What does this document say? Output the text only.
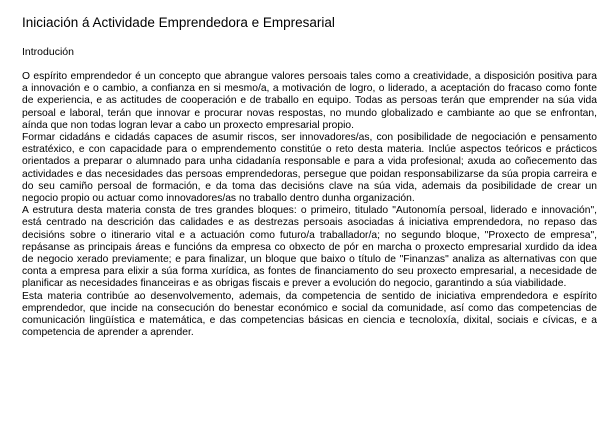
Iniciación á Actividade Emprendedora e Empresarial
Introdución

O espírito emprendedor é un concepto que abrangue valores persoais tales como a creatividade, a disposición positiva para a innovación e o cambio, a confianza en si mesmo/a, a motivación de logro, o liderado, a aceptación do fracaso como fonte de experiencia, e as actitudes de cooperación e de traballo en equipo. Todas as persoas terán que emprender na súa vida persoal e laboral, terán que innovar e procurar novas respostas, no mundo globalizado e cambiante ao que se enfrontan, aínda que non todas logran levar a cabo un proxecto empresarial propio.

Formar cidadáns e cidadás capaces de asumir riscos, ser innovadores/as, con posibilidade de negociación e pensamento estratéxico, e con capacidade para o emprendemento constitúe o reto desta materia. Inclúe aspectos teóricos e prácticos orientados a preparar o alumnado para unha cidadanía responsable e para a vida profesional; axuda ao coñecemento das actividades e das necesidades das persoas emprendedoras, persegue que poidan responsabilizarse da súa propia carreira e do seu camiño persoal de formación, e da toma das decisións clave na súa vida, ademais da posibilidade de crear un negocio propio ou actuar como innovadores/as no traballo dentro dunha organización.

A estrutura desta materia consta de tres grandes bloques: o primeiro, titulado "Autonomía persoal, liderado e innovación", está centrado na descrición das calidades e as destrezas persoais asociadas á iniciativa emprendedora, no repaso das decisións sobre o itinerario vital e a actuación como futuro/a traballador/a; no segundo bloque, "Proxecto de empresa", repásanse as principais áreas e funcións da empresa co obxecto de pór en marcha o proxecto empresarial xurdido da idea de negocio xerado previamente; e para finalizar, un bloque que baixo o título de "Finanzas" analiza as alternativas con que conta a empresa para elixir a súa forma xurídica, as fontes de financiamento do seu proxecto empresarial, a necesidade de planificar as necesidades financeiras e as obrigas fiscais e prever a evolución do negocio, garantindo a súa viabilidade.

Esta materia contribúe ao desenvolvemento, ademais, da competencia de sentido de iniciativa emprendedora e espírito emprendedor, que incide na consecución do benestar económico e social da comunidade, así como das competencias de comunicación lingüística e matemática, e das competencias básicas en ciencia e tecnoloxía, dixital, sociais e cívicas, e a competencia de aprender a aprender.
